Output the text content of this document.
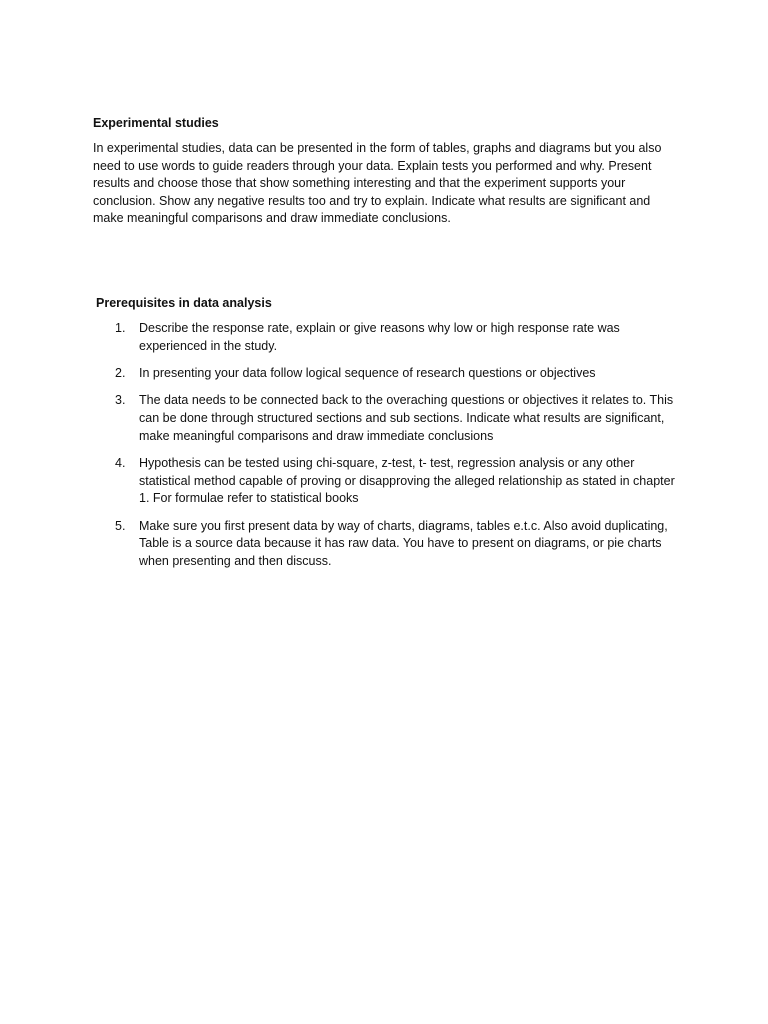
Experimental studies

In experimental studies, data can be presented in the form of tables, graphs and diagrams but you also need to use words to guide readers through your data. Explain tests you performed and why. Present results and choose those that show something interesting and that the experiment supports your conclusion. Show any negative results too and try to explain. Indicate what results are significant and make meaningful comparisons and draw immediate conclusions.

Prerequisites in data analysis
1.	Describe the response rate, explain or give reasons why low or high response rate was experienced in the study.
2.	In presenting your data follow logical sequence of research questions or objectives
3.	The data needs to be connected back to the overaching questions or objectives it relates to. This can be done through structured sections and sub sections. Indicate what results are significant, make meaningful comparisons and draw immediate conclusions
4.	Hypothesis can be tested using chi-square, z-test, t- test, regression analysis or any other statistical method capable of proving or disapproving the alleged relationship as stated in chapter 1. For formulae refer to statistical books
5.	Make sure you first present data by way of charts, diagrams, tables e.t.c. Also avoid duplicating, Table is a source data because it has raw data. You have to present on diagrams, or pie charts when presenting and then discuss.
